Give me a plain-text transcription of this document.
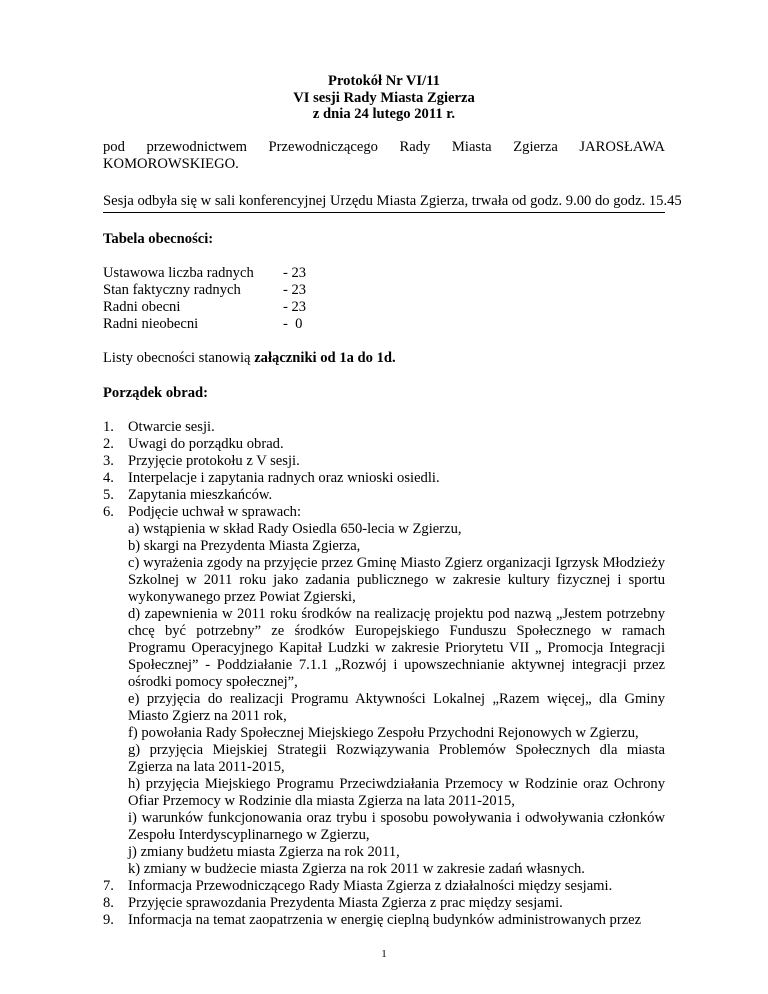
Protokół Nr VI/11
VI sesji Rady Miasta Zgierza
z dnia 24 lutego 2011 r.
pod przewodnictwem Przewodniczącego Rady Miasta Zgierza JAROSŁAWA
KOMOROWSKIEGO.
Sesja odbyła się w sali konferencyjnej Urzędu Miasta Zgierza, trwała od godz. 9.00 do godz. 15.45
Tabela obecności:
Ustawowa liczba radnych	- 23
Stan faktyczny radnych	- 23
Radni obecni	- 23
Radni nieobecni	-  0
Listy obecności stanowią załączniki od 1a do 1d.
Porządek obrad:
1. Otwarcie sesji.
2. Uwagi do porządku obrad.
3. Przyjęcie protokołu z V sesji.
4. Interpelacje i zapytania radnych oraz wnioski osiedli.
5. Zapytania mieszkańców.
6. Podjęcie uchwał w sprawach:
a) wstąpienia w skład Rady Osiedla 650-lecia w Zgierzu,
b) skargi na Prezydenta Miasta Zgierza,
c) wyrażenia zgody na przyjęcie przez Gminę Miasto Zgierz organizacji Igrzysk Młodzieży Szkolnej w 2011 roku jako zadania publicznego w zakresie kultury fizycznej i sportu wykonywanego przez Powiat Zgierski,
d) zapewnienia w 2011 roku środków na realizację projektu pod nazwą „Jestem potrzebny chcę być potrzebny” ze środków Europejskiego Funduszu Społecznego w ramach Programu Operacyjnego Kapitał Ludzki w zakresie Priorytetu VII „ Promocja Integracji Społecznej” - Poddziałanie 7.1.1 „Rozwój i upowszechnianie aktywnej integracji przez ośrodki pomocy społecznej”,
e) przyjęcia do realizacji Programu Aktywności Lokalnej „Razem więcej„ dla Gminy Miasto Zgierz na 2011 rok,
f) powołania Rady Społecznej Miejskiego Zespołu Przychodni Rejonowych w Zgierzu,
g) przyjęcia Miejskiej Strategii Rozwiązywania Problemów Społecznych dla miasta Zgierza na lata 2011-2015,
h) przyjęcia Miejskiego Programu Przeciwdziałania Przemocy w Rodzinie oraz Ochrony Ofiar Przemocy w Rodzinie dla miasta Zgierza na lata 2011-2015,
i) warunków funkcjonowania oraz trybu i sposobu powoływania i odwoływania członków Zespołu Interdyscyplinarnego w Zgierzu,
j) zmiany budżetu miasta Zgierza na rok 2011,
k) zmiany w budżecie miasta Zgierza na rok 2011 w zakresie zadań własnych.
7. Informacja Przewodniczącego Rady Miasta Zgierza z działalności między sesjami.
8. Przyjęcie sprawozdania Prezydenta Miasta Zgierza z prac między sesjami.
9. Informacja na temat zaopatrzenia w energię cieplną budynków administrowanych przez
1
